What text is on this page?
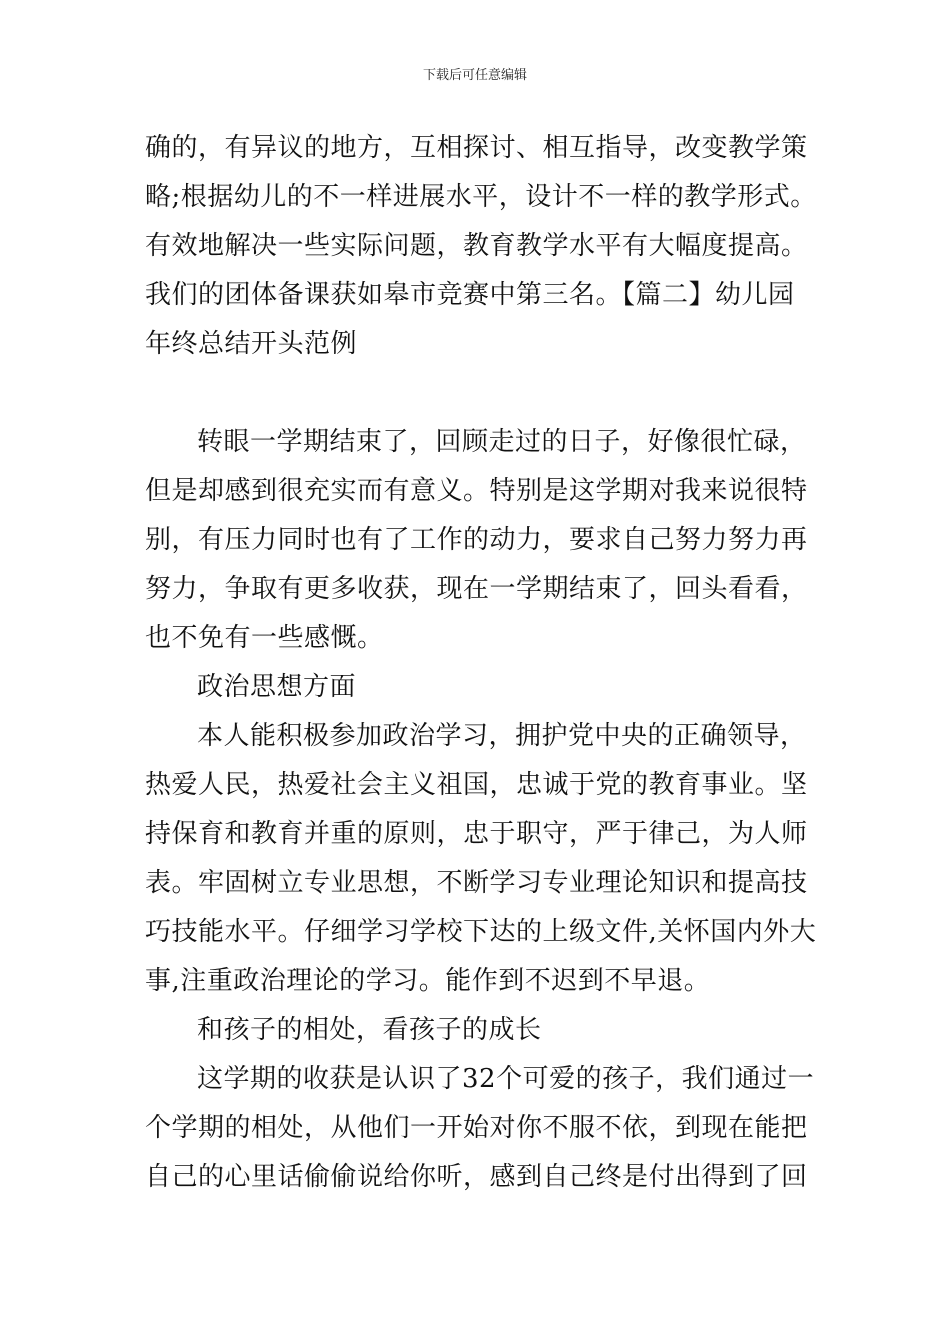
下载后可任意编辑
确的，有异议的地方，互相探讨、相互指导，改变教学策
略;根据幼儿的不一样进展水平，设计不一样的教学形式。
有效地解决一些实际问题，教育教学水平有大幅度提高。
我们的团体备课获如皋市竞赛中第三名。【篇二】幼儿园
年终总结开头范例
转眼一学期结束了，回顾走过的日子，好像很忙碌，
但是却感到很充实而有意义。特别是这学期对我来说很特
别，有压力同时也有了工作的动力，要求自己努力努力再
努力，争取有更多收获，现在一学期结束了，回头看看，
也不免有一些感慨。
政治思想方面
本人能积极参加政治学习，拥护党中央的正确领导，
热爱人民，热爱社会主义祖国，忠诚于党的教育事业。坚
持保育和教育并重的原则，忠于职守，严于律己，为人师
表。牢固树立专业思想，不断学习专业理论知识和提高技
巧技能水平。仔细学习学校下达的上级文件,关怀国内外大
事,注重政治理论的学习。能作到不迟到不早退。
和孩子的相处，看孩子的成长
这学期的收获是认识了32个可爱的孩子，我们通过一
个学期的相处，从他们一开始对你不服不依，到现在能把
自己的心里话偷偷说给你听，感到自己终是付出得到了回
